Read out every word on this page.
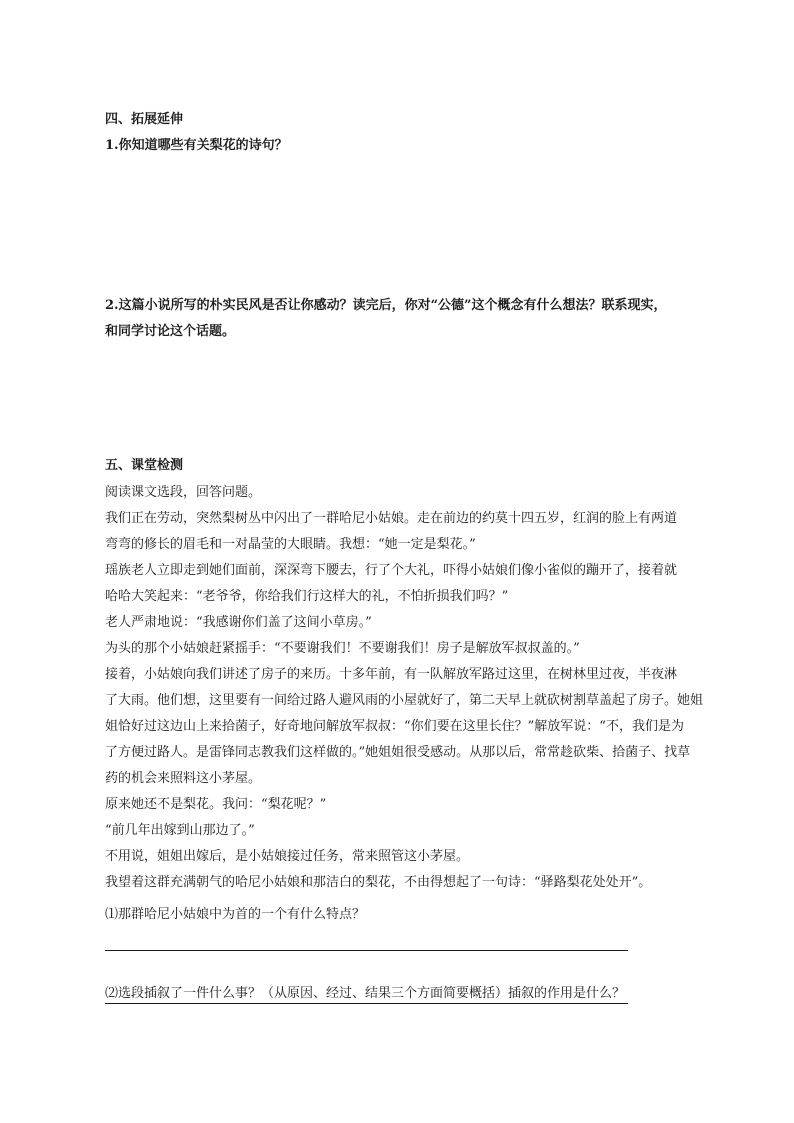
四、拓展延伸
1.你知道哪些有关梨花的诗句？
2.这篇小说所写的朴实民风是否让你感动？读完后，你对“公德”这个概念有什么想法？联系现实，
和同学讨论这个话题。
五、课堂检测
阅读课文选段，回答问题。
我们正在劳动，突然梨树丛中闪出了一群哈尼小姑娘。走在前边的约莫十四五岁，红润的脸上有两道
弯弯的修长的眉毛和一对晶莹的大眼睛。我想：“她一定是梨花。”
瑶族老人立即走到她们面前，深深弯下腰去，行了个大礼，吓得小姑娘们像小雀似的蹦开了，接着就
哈哈大笑起来：“老爷爷，你给我们行这样大的礼，不怕折损我们吗？”
老人严肃地说：“我感谢你们盖了这间小草房。”
为头的那个小姑娘赶紧摇手：“不要谢我们！不要谢我们！房子是解放军叔叔盖的。”
接着，小姑娘向我们讲述了房子的来历。十多年前，有一队解放军路过这里，在树林里过夜，半夜淋
了大雨。他们想，这里要有一间给过路人避风雨的小屋就好了，第二天早上就砍树割草盖起了房子。她姐
姐恰好过这边山上来拾菌子，好奇地问解放军叔叔：“你们要在这里长住？”解放军说：“不，我们是为
了方便过路人。是雷锋同志教我们这样做的。”她姐姐很受感动。从那以后，常常趁砍柴、拾菌子、找草
药的机会来照料这小茅屋。
原来她还不是梨花。我问：“梨花呢？”
“前几年出嫁到山那边了。”
不用说，姐姐出嫁后，是小姑娘接过任务，常来照管这小茅屋。
我望着这群充满朝气的哈尼小姑娘和那洁白的梨花，不由得想起了一句诗：“驿路梨花处处开”。
⑴那群哈尼小姑娘中为首的一个有什么特点？
⑵选段插叙了一件什么事？（从原因、经过、结果三个方面简要概括）插叙的作用是什么？
